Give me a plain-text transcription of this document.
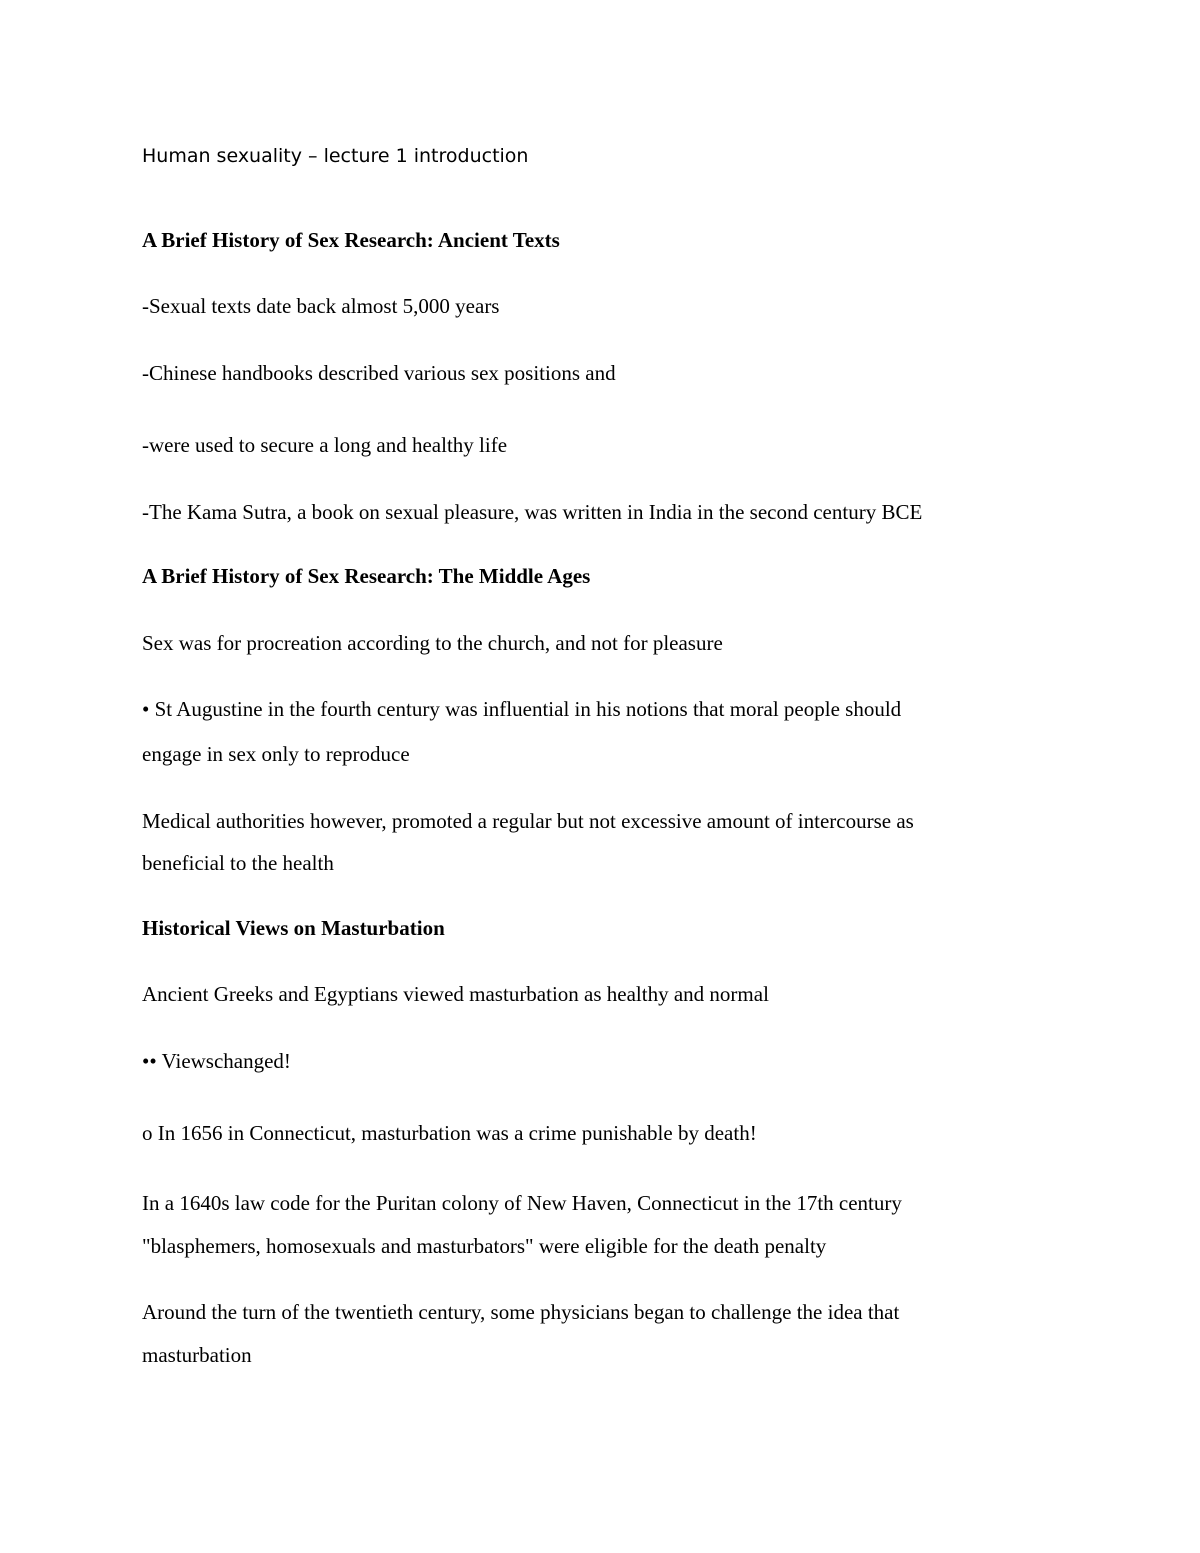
Human sexuality – lecture 1 introduction
A Brief History of Sex Research: Ancient Texts
-Sexual texts date back almost 5,000 years
-Chinese handbooks described various sex positions and
-were used to secure a long and healthy life
-The Kama Sutra, a book on sexual pleasure, was written in India in the second century BCE
A Brief History of Sex Research: The Middle Ages
Sex was for procreation according to the church, and not for pleasure
• St Augustine in the fourth century was influential in his notions that moral people should
engage in sex only to reproduce
Medical authorities however, promoted a regular but not excessive amount of intercourse as
beneficial to the health
Historical Views on Masturbation
Ancient Greeks and Egyptians viewed masturbation as healthy and normal
•• Viewschanged!
o In 1656 in Connecticut, masturbation was a crime punishable by death!
In a 1640s law code for the Puritan colony of New Haven, Connecticut in the 17th century
"blasphemers, homosexuals and masturbators" were eligible for the death penalty
Around the turn of the twentieth century, some physicians began to challenge the idea that
masturbation
